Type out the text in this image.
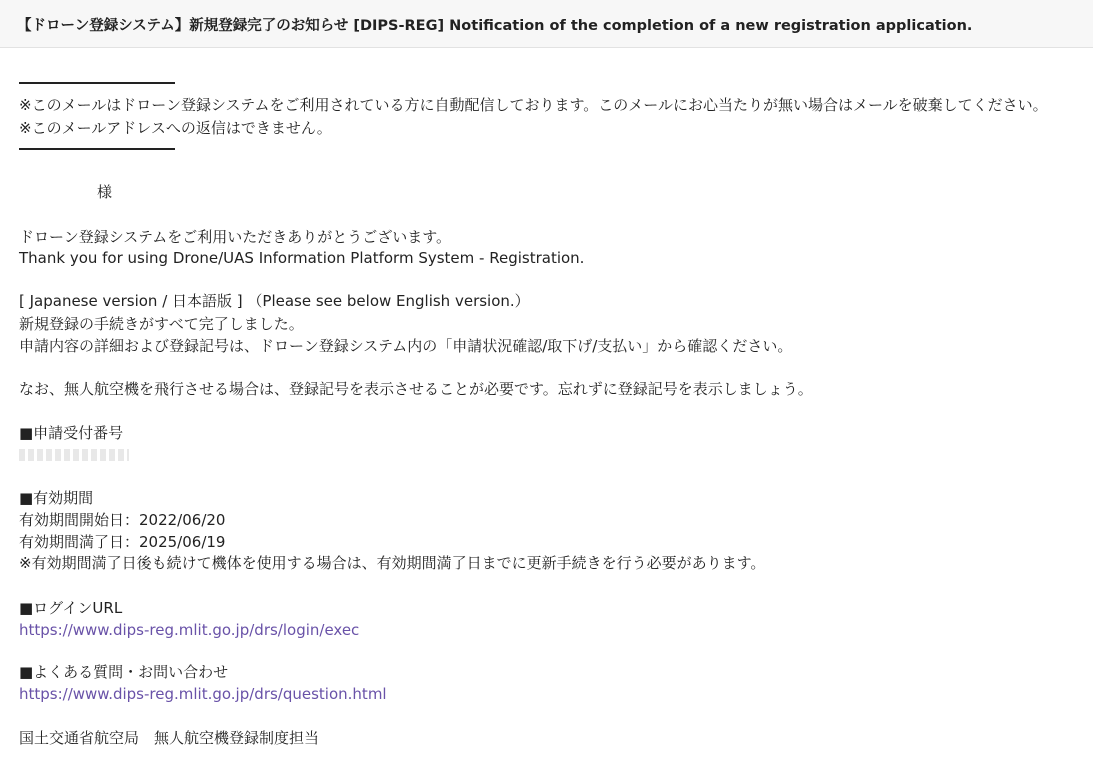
【ドローン登録システム】新規登録完了のお知らせ [DIPS-REG] Notification of the completion of a new registration application.
※このメールはドローン登録システムをご利用されている方に自動配信しております。このメールにお心当たりが無い場合はメールを破棄してください。
※このメールアドレスへの返信はできません。
様
ドローン登録システムをご利用いただきありがとうございます。
Thank you for using Drone/UAS Information Platform System - Registration.
[ Japanese version / 日本語版 ] （Please see below English version.）
新規登録の手続きがすべて完了しました。
申請内容の詳細および登録記号は、ドローン登録システム内の「申請状況確認/取下げ/支払い」から確認ください。
なお、無人航空機を飛行させる場合は、登録記号を表示させることが必要です。忘れずに登録記号を表示しましょう。
■申請受付番号
■有効期間
有効期間開始日：2022/06/20
有効期間満了日：2025/06/19
※有効期間満了日後も続けて機体を使用する場合は、有効期間満了日までに更新手続きを行う必要があります。
■ログインURL
https://www.dips-reg.mlit.go.jp/drs/login/exec
■よくある質問・お問い合わせ
https://www.dips-reg.mlit.go.jp/drs/question.html
国土交通省航空局　無人航空機登録制度担当
